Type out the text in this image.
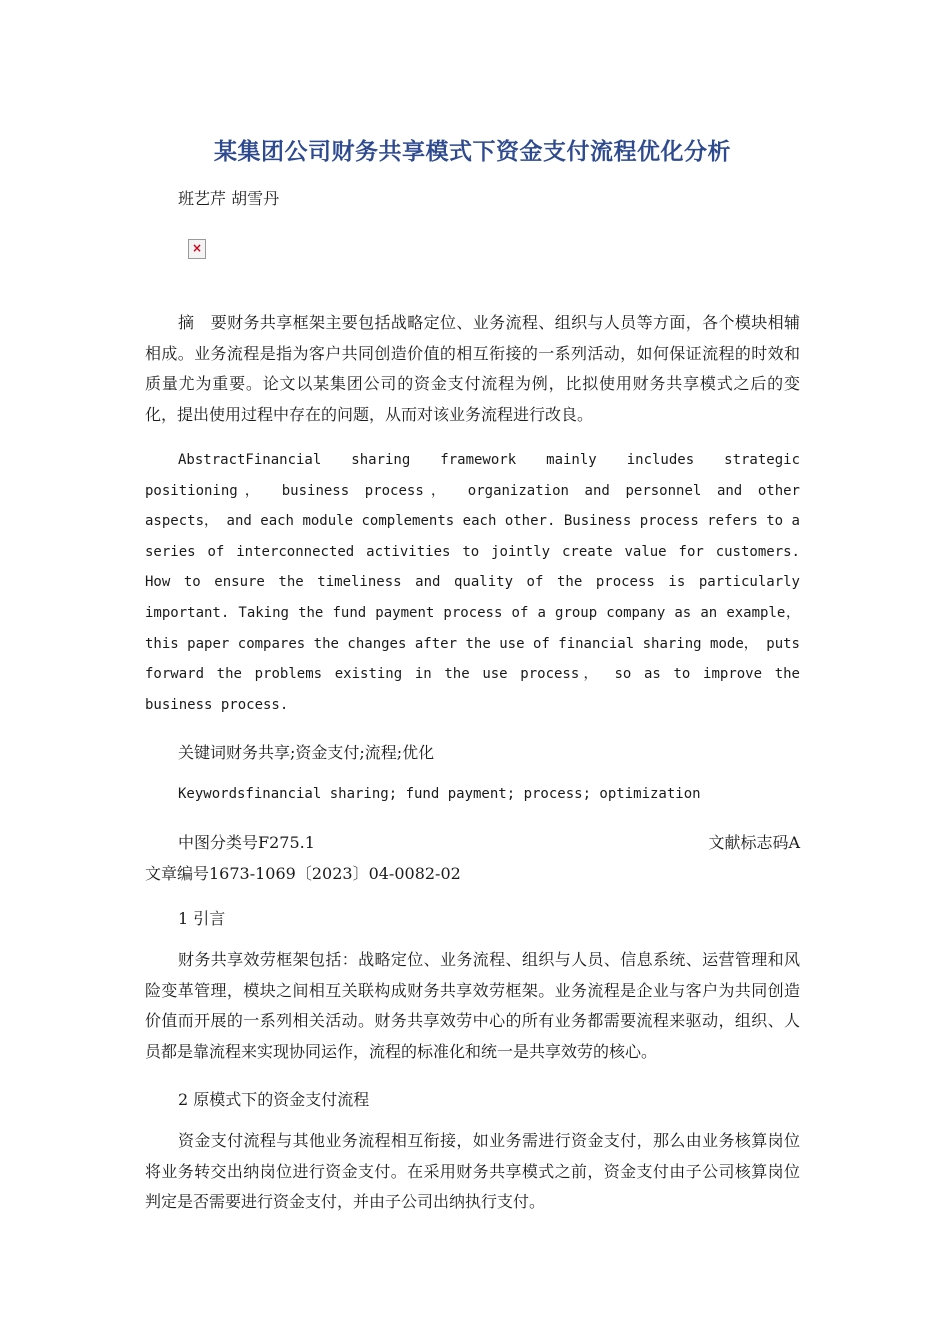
某集团公司财务共享模式下资金支付流程优化分析
班艺芹 胡雪丹
×

摘　要财务共享框架主要包括战略定位、业务流程、组织与人员等方面，各个模块相辅相成。业务流程是指为客户共同创造价值的相互衔接的一系列活动，如何保证流程的时效和质量尤为重要。论文以某集团公司的资金支付流程为例，比拟使用财务共享模式之后的变化，提出使用过程中存在的问题，从而对该业务流程进行改良。

AbstractFinancial sharing framework mainly includes strategic positioning， business process， organization and personnel and other aspects， and each module complements each other. Business process refers to a series of interconnected activities to jointly create value for customers. How to ensure the timeliness and quality of the process is particularly important. Taking the fund payment process of a group company as an example， this paper compares the changes after the use of financial sharing mode， puts forward the problems existing in the use process， so as to improve the business process.

关键词财务共享;资金支付;流程;优化
Keywordsfinancial sharing; fund payment; process; optimization
中图分类号F275.1	文献标志码A
文章编号1673-1069〔2023〕04-0082-02
1 引言

财务共享效劳框架包括：战略定位、业务流程、组织与人员、信息系统、运营管理和风险变革管理，模块之间相互关联构成财务共享效劳框架。业务流程是企业与客户为共同创造价值而开展的一系列相关活动。财务共享效劳中心的所有业务都需要流程来驱动，组织、人员都是靠流程来实现协同运作，流程的标准化和统一是共享效劳的核心。

2 原模式下的资金支付流程

资金支付流程与其他业务流程相互衔接，如业务需进行资金支付，那么由业务核算岗位将业务转交出纳岗位进行资金支付。在采用财务共享模式之前，资金支付由子公司核算岗位判定是否需要进行资金支付，并由子公司出纳执行支付。
